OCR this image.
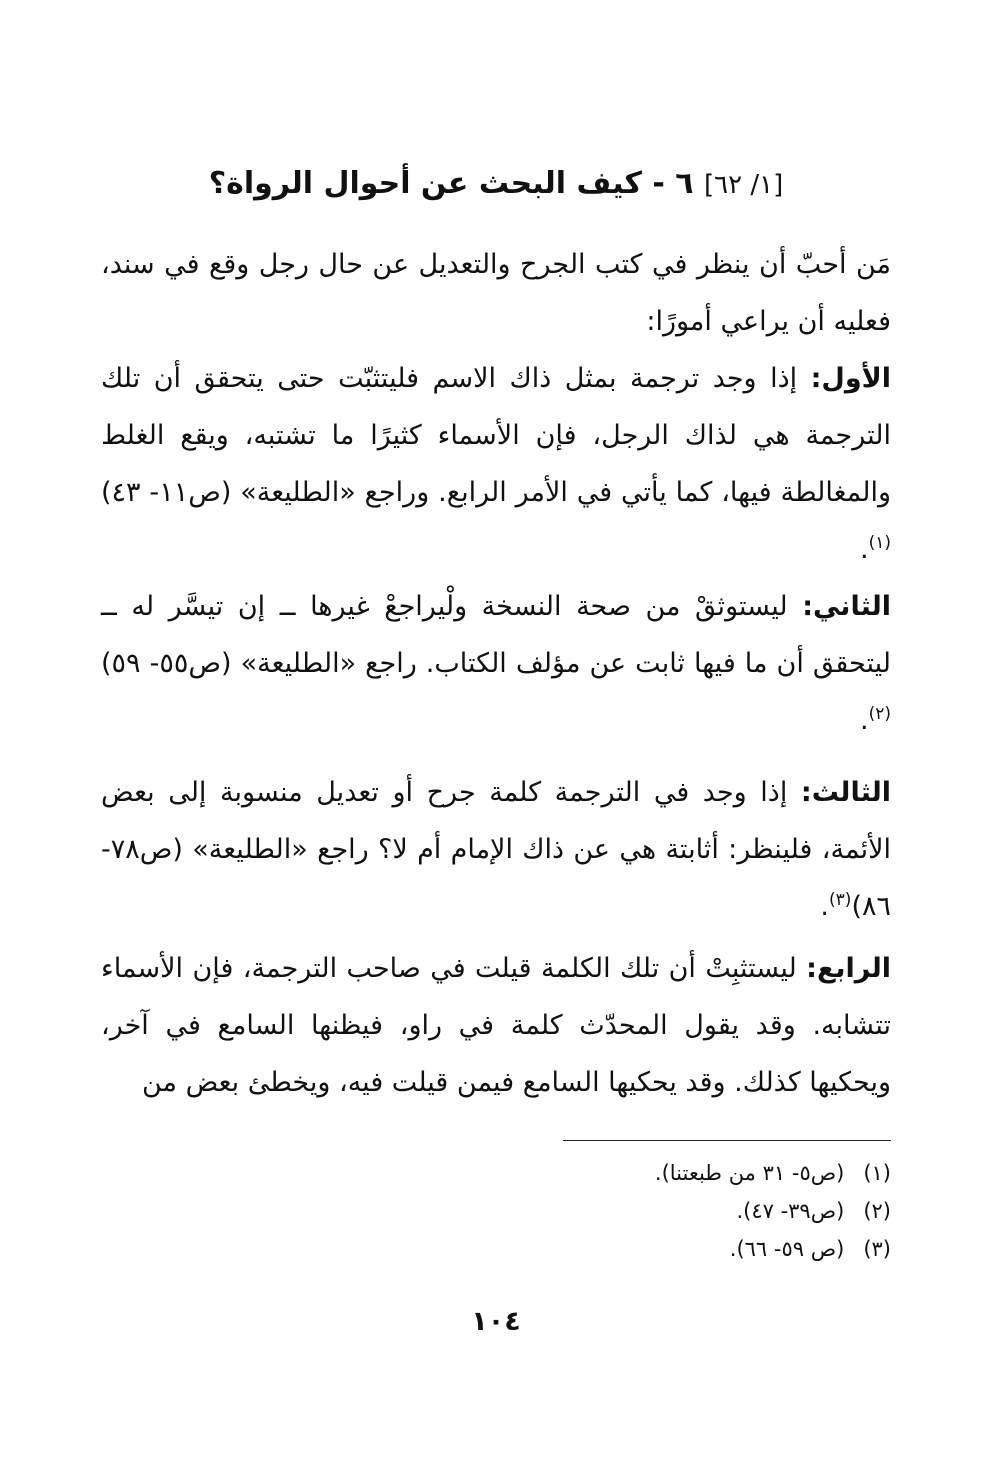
[١/ ٦٢] ٦ - كيف البحث عن أحوال الرواة؟

مَن أحبّ أن ينظر في كتب الجرح والتعديل عن حال رجل وقع في سند، فعليه أن يراعي أمورًا:

الأول: إذا وجد ترجمة بمثل ذاك الاسم فليتثبّت حتى يتحقق أن تلك الترجمة هي لذاك الرجل، فإن الأسماء كثيرًا ما تشتبه، ويقع الغلط والمغالطة فيها، كما يأتي في الأمر الرابع. وراجع «الطليعة» (ص١١- ٤٣)$^{(١)}$.

الثاني: ليستوثقْ من صحة النسخة ولْيراجعْ غيرها ــ إن تيسَّر له ــ ليتحقق أن ما فيها ثابت عن مؤلف الكتاب. راجع «الطليعة» (ص٥٥- ٥٩)$^{(٢)}$.

الثالث: إذا وجد في الترجمة كلمة جرح أو تعديل منسوبة إلى بعض الأئمة، فلينظر: أثابتة هي عن ذاك الإمام أم لا؟ راجع «الطليعة» (ص٧٨- ٨٦)$^{(٣)}$.

الرابع: ليستثبِتْ أن تلك الكلمة قيلت في صاحب الترجمة، فإن الأسماء تتشابه. وقد يقول المحدّث كلمة في راو، فيظنها السامع في آخر، ويحكيها كذلك. وقد يحكيها السامع فيمن قيلت فيه، ويخطئ بعض من

(١) (ص٥- ٣١ من طبعتنا).
(٢) (ص٣٩- ٤٧).
(٣) (ص ٥٩- ٦٦).
١٠٤
